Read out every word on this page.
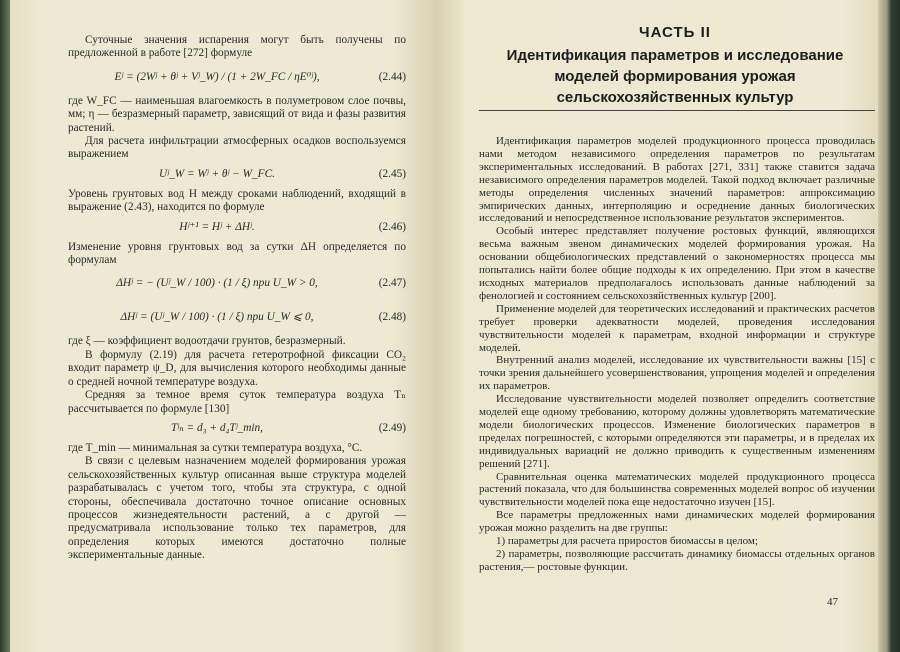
Суточные значения испарения могут быть получены по предложенной в работе [272] формуле

Eʲ = (2Wʲ + θʲ + Vʲ_W) / (1 + 2W_FC / ηE⁰ʲ),	(2.44)

где W_FC — наименьшая влагоемкость в полуметровом слое почвы, мм; η — безразмерный параметр, зависящий от вида и фазы развития растений.

Для расчета инфильтрации атмосферных осадков воспользуемся выражением

Uʲ_W = Wʲ + θʲ − W_FC.	(2.45)

Уровень грунтовых вод H между сроками наблюдений, входящий в выражение (2.43), находится по формуле

Hʲ⁺¹ = Hʲ + ΔHʲ.	(2.46)

Изменение уровня грунтовых вод за сутки ΔH определяется по формулам

ΔHʲ = − (Uʲ_W / 100) · (1 / ξ) при U_W > 0,	(2.47)
ΔHʲ = (Uʲ_W / 100) · (1 / ξ) при U_W ⩽ 0,	(2.48)

где ξ — коэффициент водоотдачи грунтов, безразмерный.

В формулу (2.19) для расчета гетеротрофной фиксации CO₂ входит параметр ψ_D, для вычисления которого необходимы данные о средней ночной температуре воздуха.

Средняя за темное время суток температура воздуха Tₙ рассчитывается по формуле [130]

Tʲₙ = d₃ + d₄Tʲ_min,	(2.49)

где T_min — минимальная за сутки температура воздуха, °C.

В связи с целевым назначением моделей формирования урожая сельскохозяйственных культур описанная выше структура моделей разрабатывалась с учетом того, чтобы эта структура, с одной стороны, обеспечивала достаточно точное описание основных процессов жизнедеятельности растений, а с другой — предусматривала использование только тех параметров, для определения которых имеются достаточно полные экспериментальные данные.

ЧАСТЬ II
Идентификация параметров и исследование моделей формирования урожая сельскохозяйственных культур

Идентификация параметров моделей продукционного процесса проводилась нами методом независимого определения параметров по результатам экспериментальных исследований. В работах [271, 331] также ставится задача независимого определения параметров моделей. Такой подход включает различные методы определения численных значений параметров: аппроксимацию эмпирических данных, интерполяцию и осреднение данных биологических исследований и непосредственное использование результатов экспериментов.

Особый интерес представляет получение ростовых функций, являющихся весьма важным звеном динамических моделей формирования урожая. На основании общебиологических представлений о закономерностях процесса мы попытались найти более общие подходы к их определению. При этом в качестве исходных материалов предполагалось использовать данные наблюдений за фенологией и состоянием сельскохозяйственных культур [200].

Применение моделей для теоретических исследований и практических расчетов требует проверки адекватности моделей, проведения исследования чувствительности моделей к параметрам, входной информации и структуре моделей.

Внутренний анализ моделей, исследование их чувствительности важны [15] с точки зрения дальнейшего усовершенствования, упрощения моделей и определения их параметров.

Исследование чувствительности моделей позволяет определить соответствие моделей еще одному требованию, которому должны удовлетворять математические модели биологических процессов. Изменение биологических параметров в пределах погрешностей, с которыми определяются эти параметры, и в пределах их индивидуальных вариаций не должно приводить к существенным изменениям решений [271].

Сравнительная оценка математических моделей продукционного процесса растений показала, что для большинства современных моделей вопрос об изучении чувствительности моделей пока еще недостаточно изучен [15].

Все параметры предложенных нами динамических моделей формирования урожая можно разделить на две группы:

1) параметры для расчета приростов биомассы в целом;

2) параметры, позволяющие рассчитать динамику биомассы отдельных органов растения,— ростовые функции.

47
